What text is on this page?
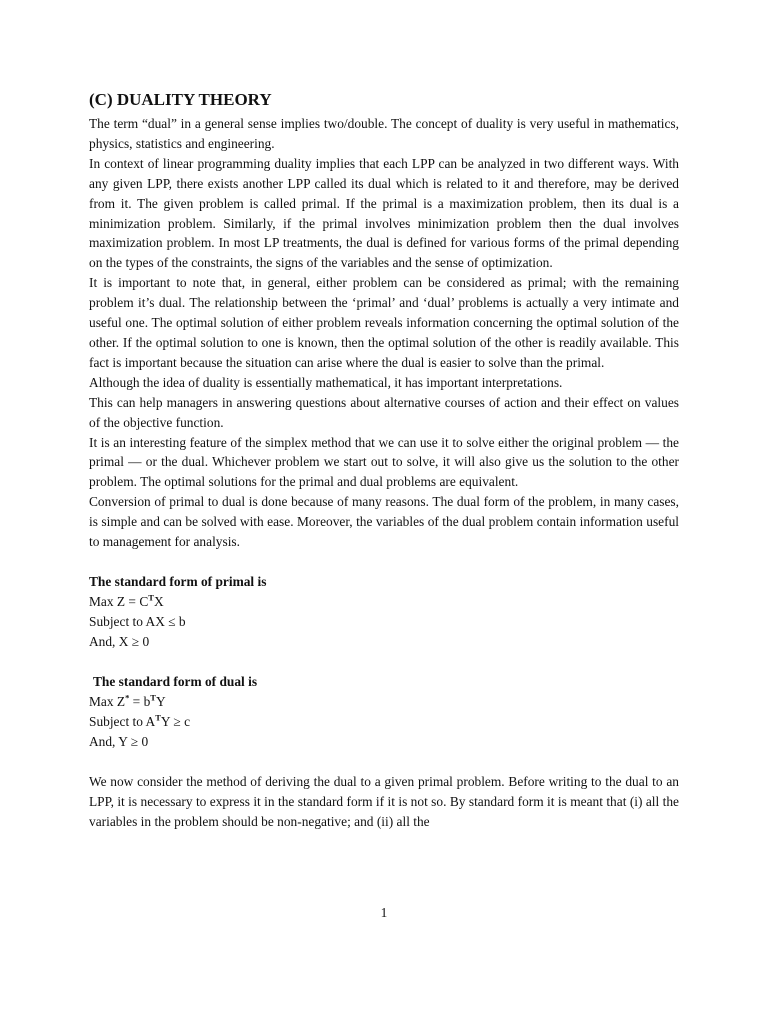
(C) DUALITY THEORY

The term “dual” in a general sense implies two/double. The concept of duality is very useful in mathematics, physics, statistics and engineering.

In context of linear programming duality implies that each LPP can be analyzed in two different ways. With any given LPP, there exists another LPP called its dual which is related to it and therefore, may be derived from it. The given problem is called primal. If the primal is a maximization problem, then its dual is a minimization problem. Similarly, if the primal involves minimization problem then the dual involves maximization problem. In most LP treatments, the dual is defined for various forms of the primal depending on the types of the constraints, the signs of the variables and the sense of optimization.

It is important to note that, in general, either problem can be considered as primal; with the remaining problem it’s dual. The relationship between the ‘primal’ and ‘dual’ problems is actually a very intimate and useful one. The optimal solution of either problem reveals information concerning the optimal solution of the other. If the optimal solution to one is known, then the optimal solution of the other is readily available. This fact is important because the situation can arise where the dual is easier to solve than the primal.

Although the idea of duality is essentially mathematical, it has important interpretations.

This can help managers in answering questions about alternative courses of action and their effect on values of the objective function.

It is an interesting feature of the simplex method that we can use it to solve either the original problem — the primal — or the dual. Whichever problem we start out to solve, it will also give us the solution to the other problem. The optimal solutions for the primal and dual problems are equivalent.

Conversion of primal to dual is done because of many reasons. The dual form of the problem, in many cases, is simple and can be solved with ease. Moreover, the variables of the dual problem contain information useful to management for analysis.

The standard form of primal is

Max $Z = C^TX$

Subject to AX ≤ b

And, X ≥ 0

The standard form of dual is

Max $Z^* = b^TY$

Subject to $A^TY \ge c$

And, Y ≥ 0

We now consider the method of deriving the dual to a given primal problem. Before writing to the dual to an LPP, it is necessary to express it in the standard form if it is not so. By standard form it is meant that (i) all the variables in the problem should be non-negative; and (ii) all the

1
